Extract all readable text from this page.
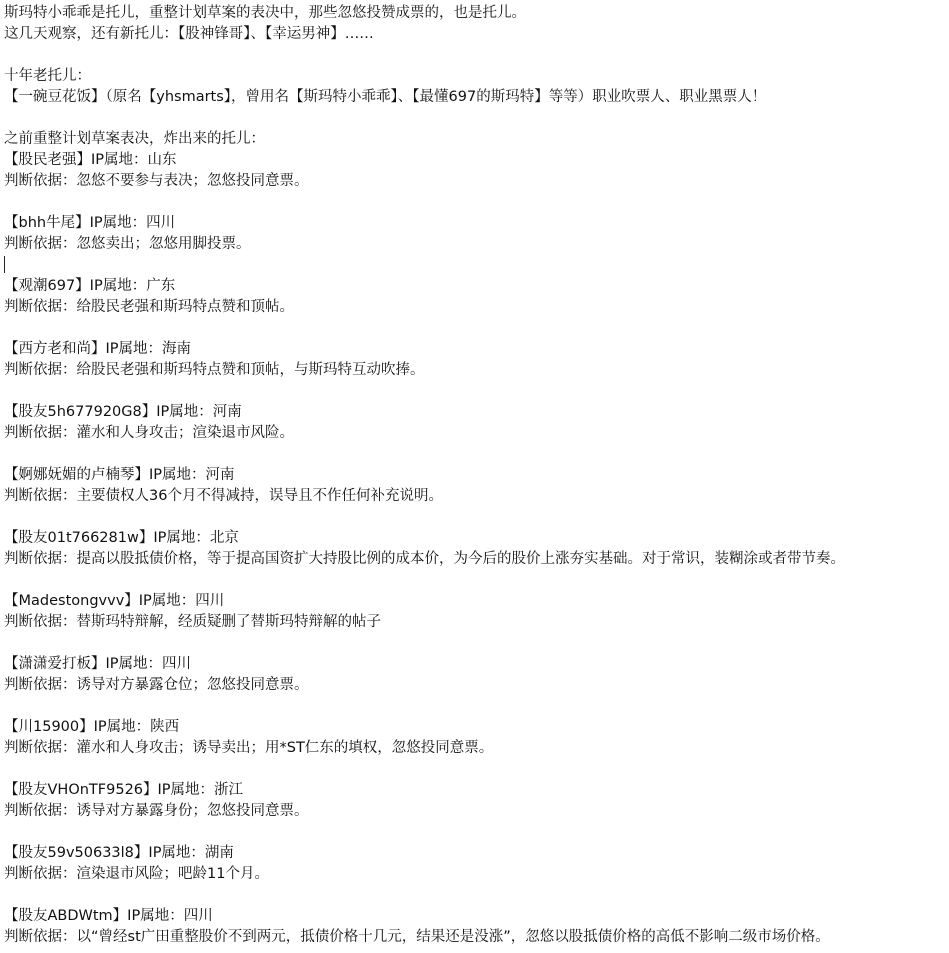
斯玛特小乖乖是托儿，重整计划草案的表决中，那些忽悠投赞成票的，也是托儿。
这几天观察，还有新托儿：【股神锋哥】、【幸运男神】……
十年老托儿：
【一碗豆花饭】（原名【yhsmarts】，曾用名【斯玛特小乖乖】、【最懂697的斯玛特】等等）职业吹票人、职业黑票人！
之前重整计划草案表决，炸出来的托儿：
【股民老强】IP属地：山东
判断依据：忽悠不要参与表决；忽悠投同意票。
【bhh牛尾】IP属地：四川
判断依据：忽悠卖出；忽悠用脚投票。
【观潮697】IP属地：广东
判断依据：给股民老强和斯玛特点赞和顶帖。
【西方老和尚】IP属地：海南
判断依据：给股民老强和斯玛特点赞和顶帖，与斯玛特互动吹捧。
【股友5h677920G8】IP属地：河南
判断依据：灌水和人身攻击；渲染退市风险。
【婀娜妩媚的卢楠琴】IP属地：河南
判断依据：主要债权人36个月不得减持，误导且不作任何补充说明。
【股友01t766281w】IP属地：北京
判断依据：提高以股抵债价格，等于提高国资扩大持股比例的成本价，为今后的股价上涨夯实基础。对于常识，装糊涂或者带节奏。
【Madestongvvv】IP属地：四川
判断依据：替斯玛特辩解，经质疑删了替斯玛特辩解的帖子
【潇潇爱打板】IP属地：四川
判断依据：诱导对方暴露仓位；忽悠投同意票。
【川15900】IP属地：陕西
判断依据：灌水和人身攻击；诱导卖出；用*ST仁东的填权，忽悠投同意票。
【股友VHOnTF9526】IP属地：浙江
判断依据：诱导对方暴露身份；忽悠投同意票。
【股友59v50633l8】IP属地：湖南
判断依据：渲染退市风险；吧龄11个月。
【股友ABDWtm】IP属地：四川
判断依据：以“曾经st广田重整股价不到两元，抵债价格十几元，结果还是没涨”，忽悠以股抵债价格的高低不影响二级市场价格。
